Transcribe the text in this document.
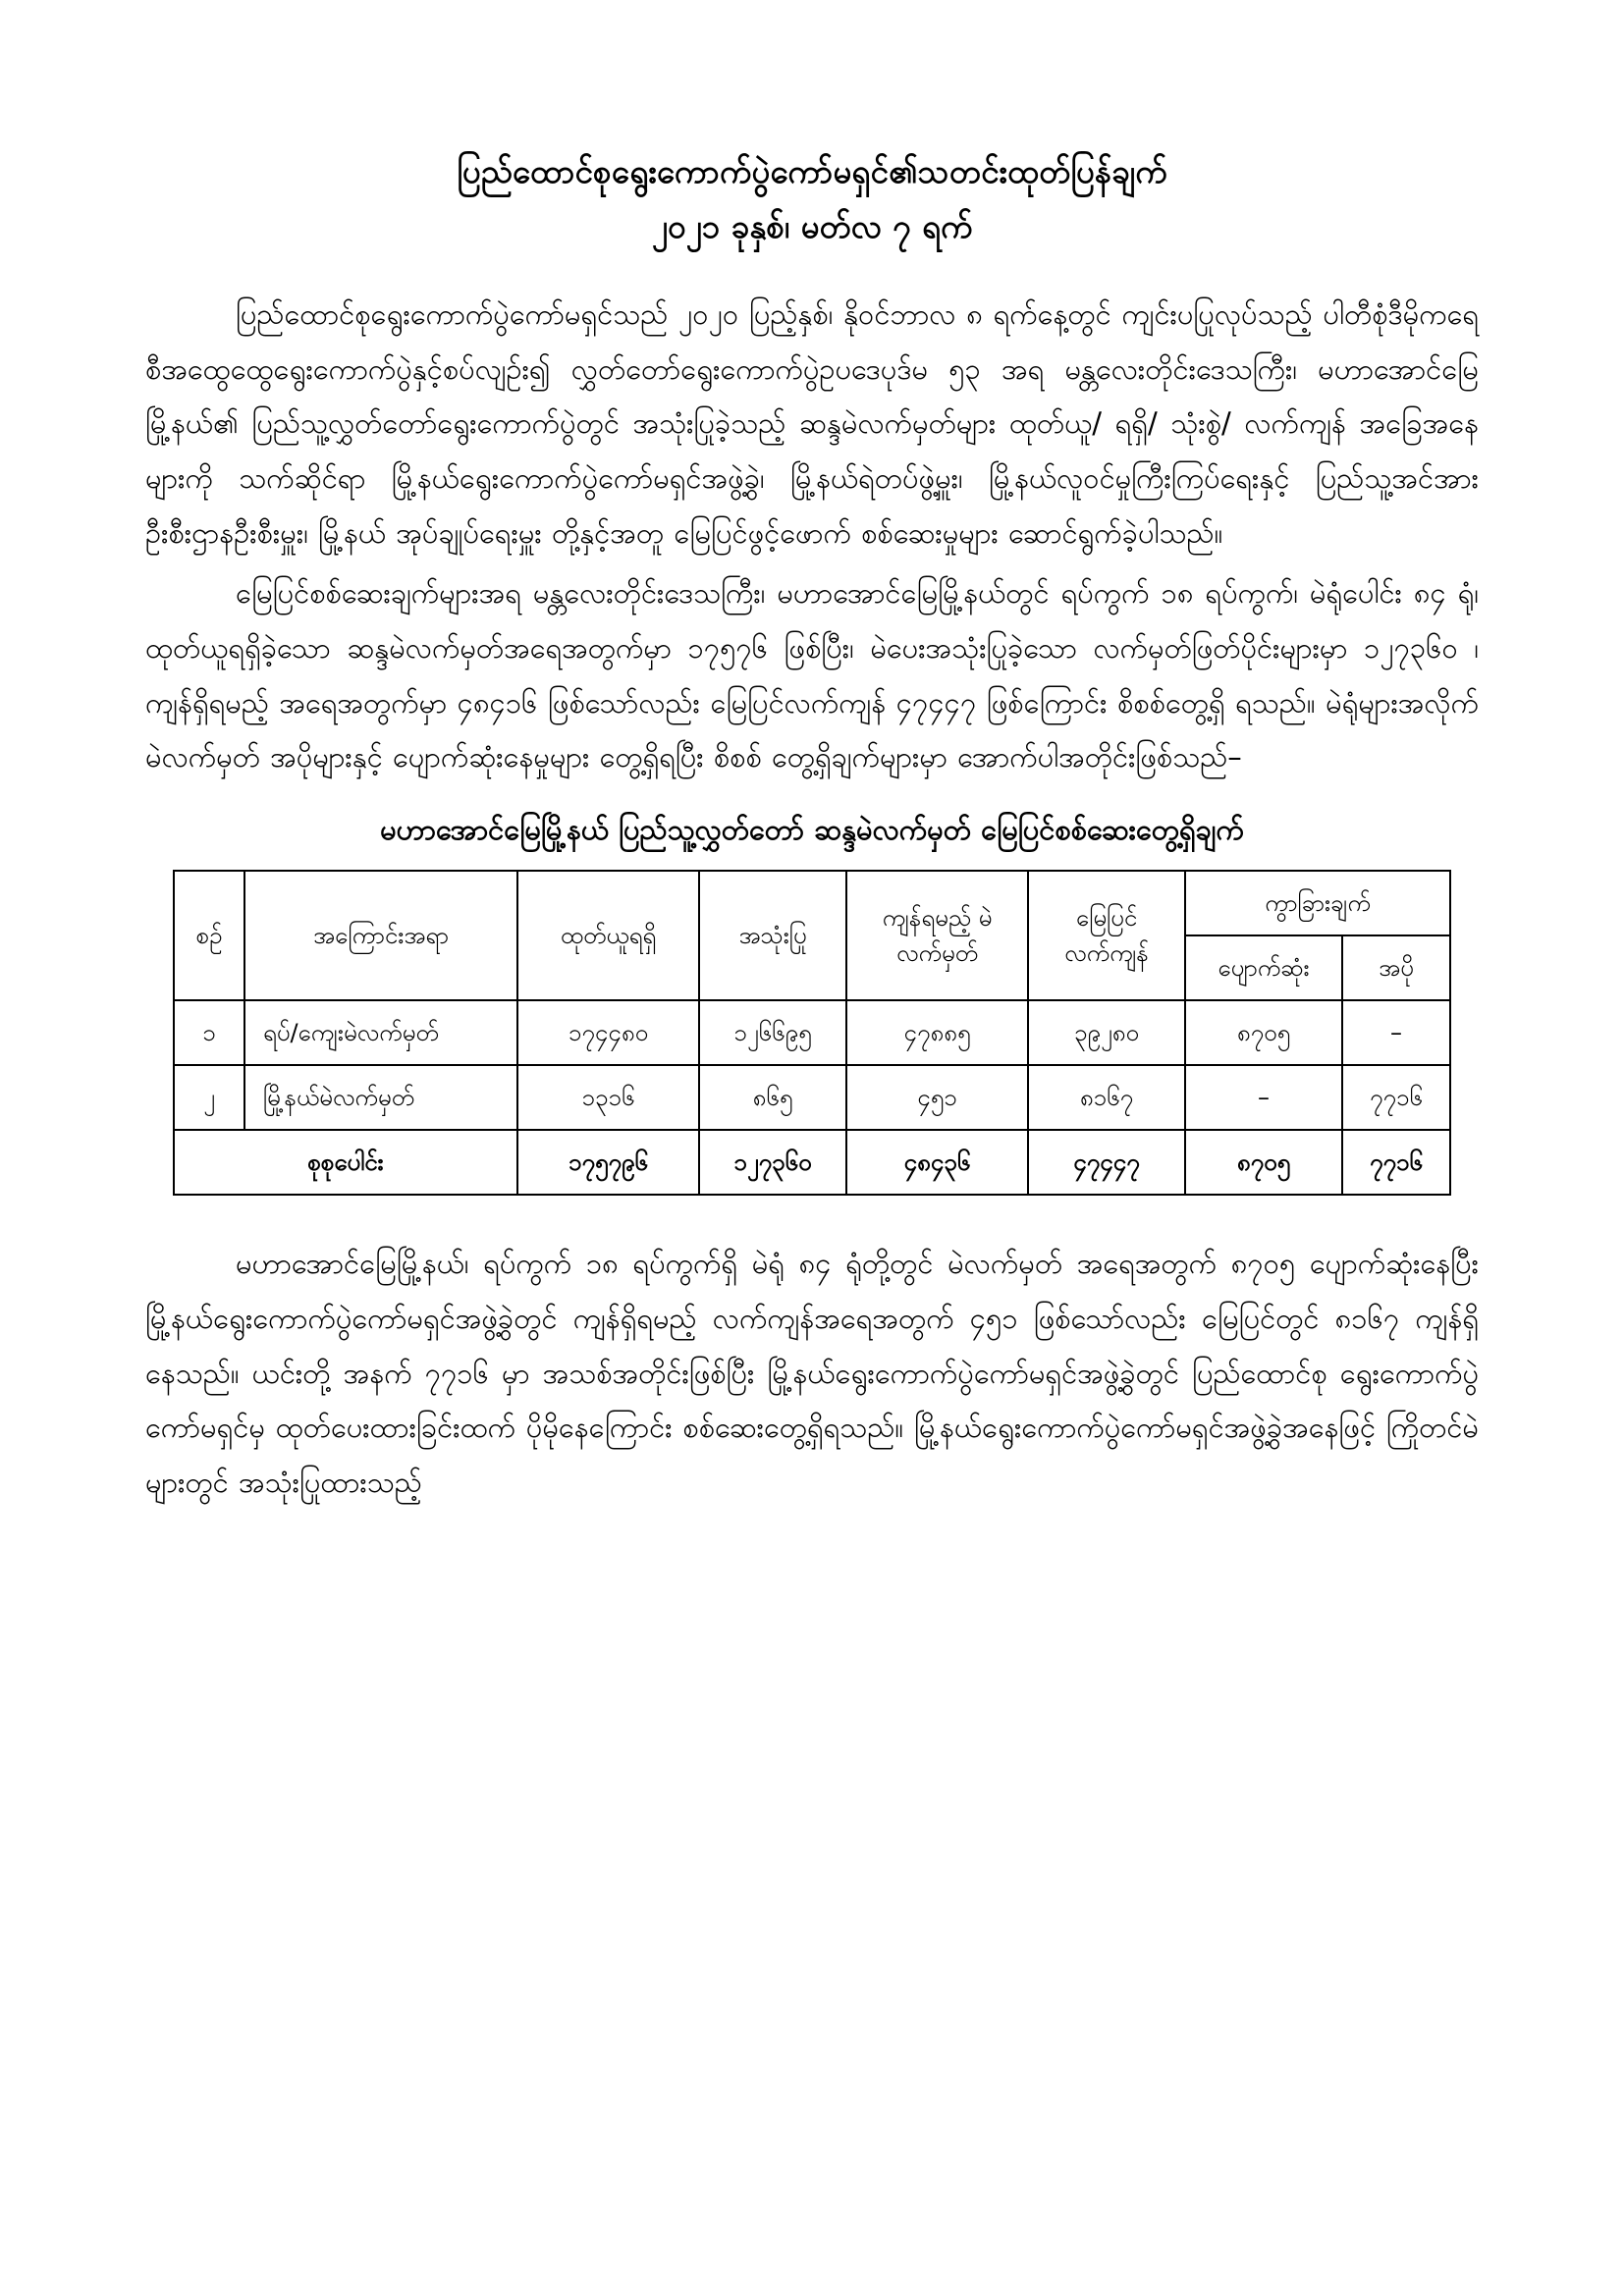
ပြည်ထောင်စုရွေးကောက်ပွဲကော်မရှင်၏သတင်းထုတ်ပြန်ချက်
၂၀၂၁ ခုနှစ်၊ မတ်လ ၇ ရက်

ပြည်ထောင်စုရွေးကောက်ပွဲကော်မရှင်သည် ၂၀၂၀ ပြည့်နှစ်၊ နိုဝင်ဘာလ ၈ ရက်နေ့တွင် ကျင်းပပြုလုပ်သည့် ပါတီစုံဒီမိုကရေစီအထွေထွေရွေးကောက်ပွဲနှင့်စပ်လျဉ်း၍ လွှတ်တော်ရွေးကောက်ပွဲဥပဒေပုဒ်မ ၅၃ အရ မန္တလေးတိုင်းဒေသကြီး၊ မဟာအောင်မြေမြို့နယ်၏ ပြည်သူ့လွှတ်တော်ရွေးကောက်ပွဲတွင် အသုံးပြုခဲ့သည့် ဆန္ဒမဲလက်မှတ်များ ထုတ်ယူ/ ရရှိ/ သုံးစွဲ/ လက်ကျန် အခြေအနေများကို သက်ဆိုင်ရာ မြို့နယ်ရွေးကောက်ပွဲကော်မရှင်အဖွဲ့ခွဲ၊ မြို့နယ်ရဲတပ်ဖွဲ့မှူး၊ မြို့နယ်လူဝင်မှုကြီးကြပ်ရေးနှင့် ပြည်သူ့အင်အားဦးစီးဌာနဦးစီးမှူး၊ မြို့နယ် အုပ်ချုပ်ရေးမှူး တို့နှင့်အတူ မြေပြင်ဖွင့်ဖောက် စစ်ဆေးမှုများ ဆောင်ရွက်ခဲ့ပါသည်။

မြေပြင်စစ်ဆေးချက်များအရ မန္တလေးတိုင်းဒေသကြီး၊ မဟာအောင်မြေမြို့နယ်တွင် ရပ်ကွက် ၁၈ ရပ်ကွက်၊ မဲရုံပေါင်း ၈၄ ရုံ၊ ထုတ်ယူရရှိခဲ့သော ဆန္ဒမဲလက်မှတ်အရေအတွက်မှာ ၁၇၅၇၆ ဖြစ်ပြီး၊ မဲပေးအသုံးပြုခဲ့သော လက်မှတ်ဖြတ်ပိုင်းများမှာ ၁၂၇၃၆၀ ၊ ကျန်ရှိရမည့် အရေအတွက်မှာ ၄၈၄၁၆ ဖြစ်သော်လည်း မြေပြင်လက်ကျန် ၄၇၄၄၇ ဖြစ်ကြောင်း စိစစ်တွေ့ရှိ ရသည်။ မဲရုံများအလိုက် မဲလက်မှတ် အပိုများနှင့် ပျောက်ဆုံးနေမှုများ တွေ့ရှိရပြီး စိစစ် တွေ့ရှိချက်များမှာ အောက်ပါအတိုင်းဖြစ်သည်–

မဟာအောင်မြေမြို့နယ် ပြည်သူ့လွှတ်တော် ဆန္ဒမဲလက်မှတ် မြေပြင်စစ်ဆေးတွေ့ရှိချက်
စဉ်	အကြောင်းအရာ	ထုတ်ယူရရှိ	အသုံးပြု	ကျန်ရမည့် မဲလက်မှတ်	မြေပြင် လက်ကျန်	ကွာခြားချက်	
						ပျောက်ဆုံး	အပို
၁	ရပ်/ကျေးမဲလက်မှတ်	၁၇၄၄၈၀	၁၂၆၆၉၅	၄၇၈၈၅	၃၉၂၈၀	၈၇၀၅	–
၂	မြို့နယ်မဲလက်မှတ်	၁၃၁၆	၈၆၅	၄၅၁	၈၁၆၇	–	၇၇၁၆
စုစုပေါင်း		၁၇၅၇၉၆	၁၂၇၃၆၀	၄၈၄၃၆	၄၇၄၄၇	၈၇၀၅	၇၇၁၆

မဟာအောင်မြေမြို့နယ်၊ ရပ်ကွက် ၁၈ ရပ်ကွက်ရှိ မဲရုံ ၈၄ ရုံတို့တွင် မဲလက်မှတ် အရေအတွက် ၈၇၀၅ ပျောက်ဆုံးနေပြီး မြို့နယ်ရွေးကောက်ပွဲကော်မရှင်အဖွဲ့ခွဲတွင် ကျန်ရှိရမည့် လက်ကျန်အရေအတွက် ၄၅၁ ဖြစ်သော်လည်း မြေပြင်တွင် ၈၁၆၇ ကျန်ရှိနေသည်။ ယင်းတို့ အနက် ၇၇၁၆ မှာ အသစ်အတိုင်းဖြစ်ပြီး မြို့နယ်ရွေးကောက်ပွဲကော်မရှင်အဖွဲ့ခွဲတွင် ပြည်ထောင်စု ရွေးကောက်ပွဲကော်မရှင်မှ ထုတ်ပေးထားခြင်းထက် ပိုမိုနေကြောင်း စစ်ဆေးတွေ့ရှိရသည်။ မြို့နယ်ရွေးကောက်ပွဲကော်မရှင်အဖွဲ့ခွဲအနေဖြင့် ကြိုတင်မဲများတွင် အသုံးပြုထားသည့်
